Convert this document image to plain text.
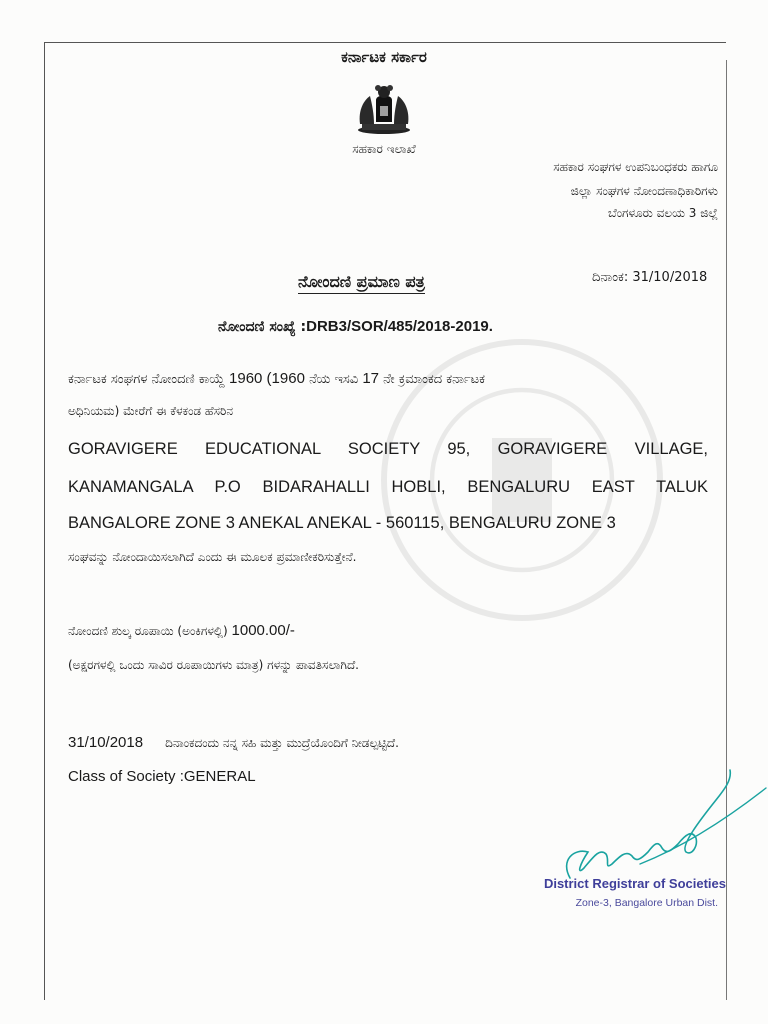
ಕರ್ನಾಟಕ ಸರ್ಕಾರ
ಸಹಕಾರ ಇಲಾಖೆ
ಸಹಕಾರ ಸಂಘಗಳ ಉಪನಿಬಂಧಕರು ಹಾಗೂ
ಜಿಲ್ಲಾ ಸಂಘಗಳ ನೋಂದಣಾಧಿಕಾರಿಗಳು
ಬೆಂಗಳೂರು ವಲಯ 3 ಜಿಲ್ಲೆ
ನೋಂದಣಿ ಪ್ರಮಾಣ ಪತ್ರ	ದಿನಾಂಕ: 31/10/2018
ನೋಂದಣಿ ಸಂಖ್ಯೆ :DRB3/SOR/485/2018-2019.
ಕರ್ನಾಟಕ ಸಂಘಗಳ ನೋಂದಣಿ ಕಾಯ್ದೆ 1960 (1960 ನೆಯ ಇಸವಿ 17 ನೇ ಕ್ರಮಾಂಕದ ಕರ್ನಾಟಕ
ಅಧಿನಿಯಮ) ಮೇರೆಗೆ ಈ ಕೆಳಕಂಡ ಹೆಸರಿನ
GORAVIGERE EDUCATIONAL SOCIETY 95, GORAVIGERE VILLAGE,
KANAMANGALA P.O BIDARAHALLI HOBLI, BENGALURU EAST TALUK
BANGALORE ZONE 3 ANEKAL ANEKAL - 560115, BENGALURU ZONE 3
ಸಂಘವನ್ನು ನೋಂದಾಯಿಸಲಾಗಿದೆ ಎಂದು ಈ ಮೂಲಕ ಪ್ರಮಾಣೀಕರಿಸುತ್ತೇನೆ.
ನೋಂದಣಿ ಶುಲ್ಕ ರೂಪಾಯಿ (ಅಂಕಿಗಳಲ್ಲಿ) 1000.00/-
(ಅಕ್ಷರಗಳಲ್ಲಿ ಒಂದು ಸಾವಿರ ರೂಪಾಯಿಗಳು ಮಾತ್ರ) ಗಳನ್ನು ಪಾವತಿಸಲಾಗಿದೆ.
31/10/2018 ದಿನಾಂಕದಂದು ನನ್ನ ಸಹಿ ಮತ್ತು ಮುದ್ರೆಯೊಂದಿಗೆ ನೀಡಲ್ಪಟ್ಟಿದೆ.
Class of Society :GENERAL
District Registrar of Societies
Zone-3, Bangalore Urban Dist.
